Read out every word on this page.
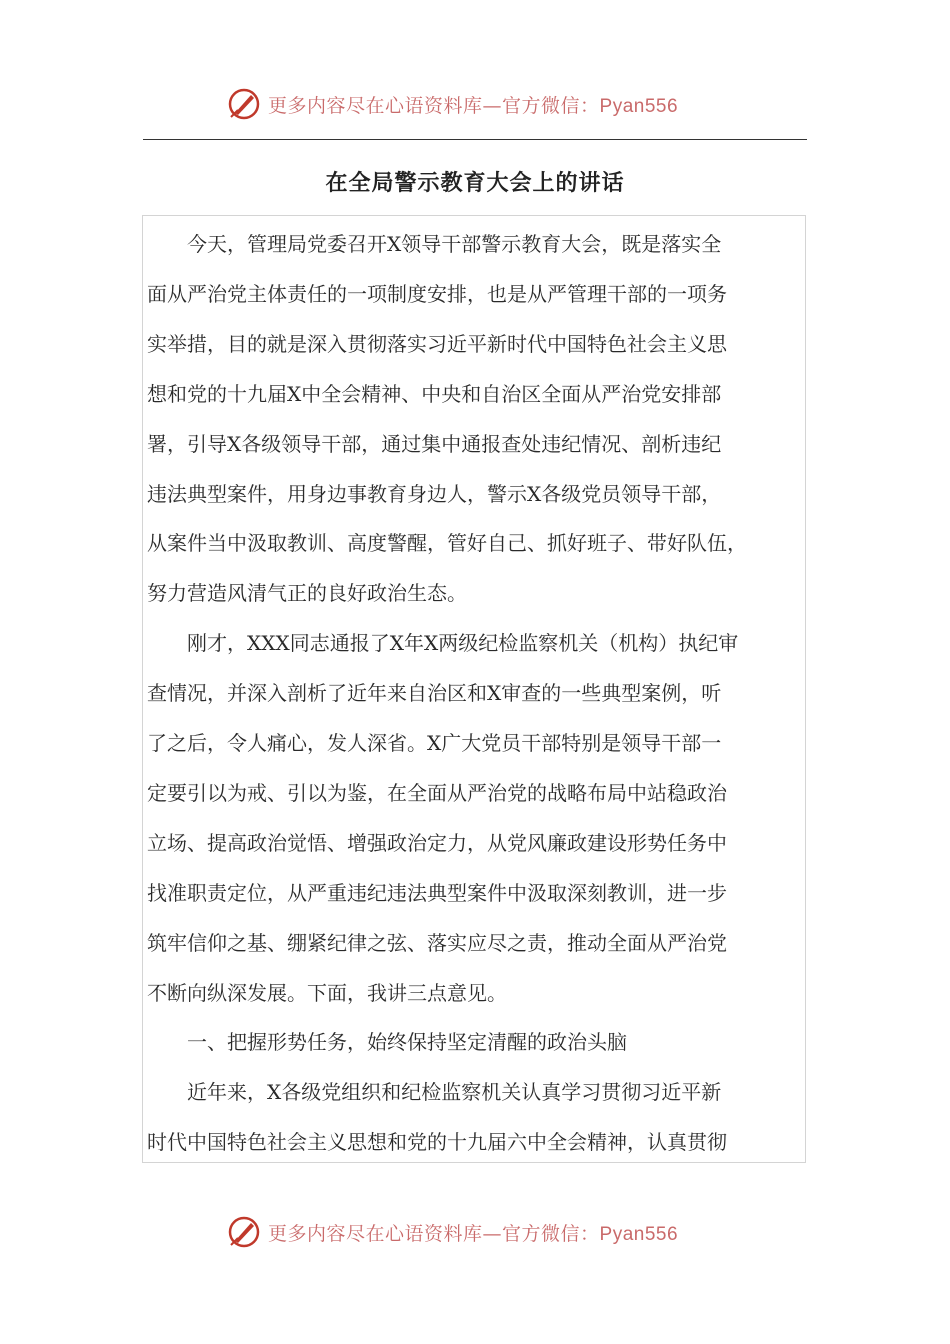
更多内容尽在心语资料库—官方微信：Pyan556
在全局警示教育大会上的讲话
　　今天，管理局党委召开X领导干部警示教育大会，既是落实全
面从严治党主体责任的一项制度安排，也是从严管理干部的一项务
实举措，目的就是深入贯彻落实习近平新时代中国特色社会主义思
想和党的十九届X中全会精神、中央和自治区全面从严治党安排部
署，引导X各级领导干部，通过集中通报查处违纪情况、剖析违纪
违法典型案件，用身边事教育身边人，警示X各级党员领导干部，
从案件当中汲取教训、高度警醒，管好自己、抓好班子、带好队伍，
努力营造风清气正的良好政治生态。
　　刚才，XXX同志通报了X年X两级纪检监察机关（机构）执纪审
查情况，并深入剖析了近年来自治区和X审查的一些典型案例，听
了之后，令人痛心，发人深省。X广大党员干部特别是领导干部一
定要引以为戒、引以为鉴，在全面从严治党的战略布局中站稳政治
立场、提高政治觉悟、增强政治定力，从党风廉政建设形势任务中
找准职责定位，从严重违纪违法典型案件中汲取深刻教训，进一步
筑牢信仰之基、绷紧纪律之弦、落实应尽之责，推动全面从严治党
不断向纵深发展。下面，我讲三点意见。
　　一、把握形势任务，始终保持坚定清醒的政治头脑
　　近年来，X各级党组织和纪检监察机关认真学习贯彻习近平新
时代中国特色社会主义思想和党的十九届六中全会精神，认真贯彻
更多内容尽在心语资料库—官方微信：Pyan556
